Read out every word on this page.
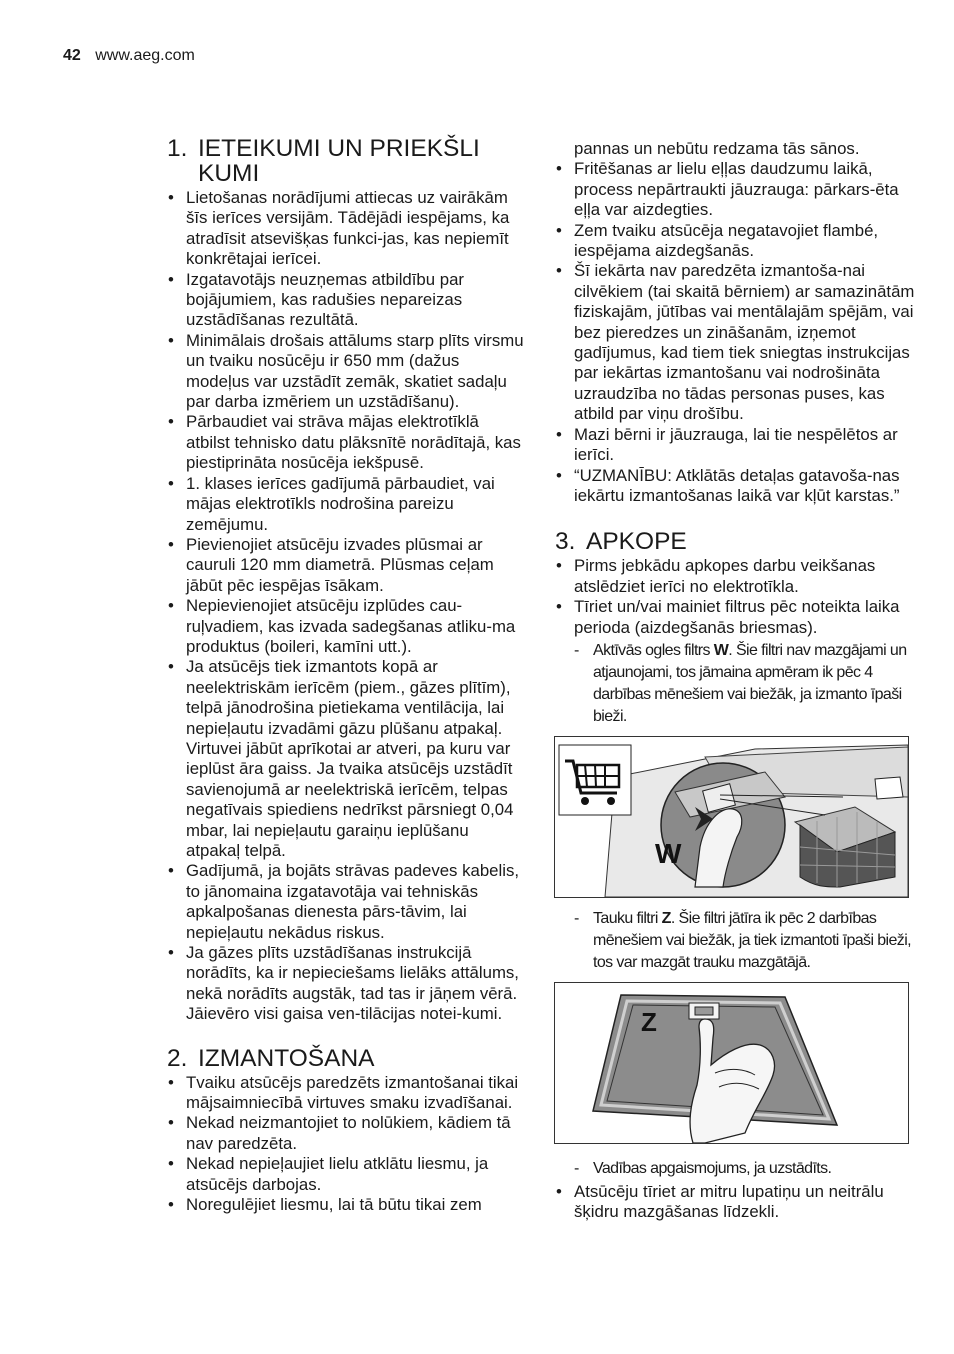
42 www.aeg.com
1. IETEIKUMI UN PRIEKŠLI KUMI
• Lietošanas norādījumi attiecas uz vairākām šīs ierīces versijām. Tādējādi iespējams, ka atradīsit atsevišķas funkci-jas, kas nepiemīt konkrētajai ierīcei.
• Izgatavotājs neuzņemas atbildību par bojājumiem, kas radušies nepareizas uzstādīšanas rezultātā.
• Minimālais drošais attālums starp plīts virsmu un tvaiku nosūcēju ir 650 mm (dažus modeļus var uzstādīt zemāk, skatiet sadaļu par darba izmēriem un uzstādīšanu).
• Pārbaudiet vai strāva mājas elektrotīklā atbilst tehnisko datu plāksnītē norādītajā, kas piestiprināta nosūcēja iekšpusē.
• 1. klases ierīces gadījumā pārbaudiet, vai mājas elektrotīkls nodrošina pareizu zemējumu.
• Pievienojiet atsūcēju izvades plūsmai ar cauruli 120 mm diametrā. Plūsmas ceļam jābūt pēc iespējas īsākam.
• Nepievienojiet atsūcēju izplūdes cau-ruļvadiem, kas izvada sadegšanas atliku-ma produktus (boileri, kamīni utt.).
• Ja atsūcējs tiek izmantots kopā ar neelektriskām ierīcēm (piem., gāzes plītīm), telpā jānodrošina pietiekama ventilācija, lai nepieļautu izvadāmi gāzu plūšanu atpakaļ. Virtuvei jābūt aprīkotai ar atveri, pa kuru var ieplūst āra gaiss. Ja tvaika atsūcējs uzstādīt savienojumā ar neelektriskā ierīcēm, telpas negatīvais spiediens nedrīkst pārsniegt 0,04 mbar, lai nepieļautu garaiņu ieplūšanu atpakaļ telpā.
• Gadījumā, ja bojāts strāvas padeves kabelis, to jānomaina izgatavotāja vai tehniskās apkalpošanas dienesta pārs-tāvim, lai nepieļautu nekādus riskus.
• Ja gāzes plīts uzstādīšanas instrukcijā norādīts, ka ir nepieciešams lielāks attālums, nekā norādīts augstāk, tad tas ir jāņem vērā. Jāievēro visi gaisa ven-tilācijas notei-kumi.
2. IZMANTOŠANA
• Tvaiku atsūcējs paredzēts izmantošanai tikai mājsaimniecībā virtuves smaku izvadīšanai.
• Nekad neizmantojiet to nolūkiem, kādiem tā nav paredzēta.
• Nekad nepieļaujiet lielu atklātu liesmu, ja atsūcējs darbojas.
• Noregulējiet liesmu, lai tā būtu tikai zem
pannas un nebūtu redzama tās sānos.
• Fritēšanas ar lielu eļļas daudzumu laikā, process nepārtraukti jāuzrauga: pārkars-ēta eļļa var aizdegties.
• Zem tvaiku atsūcēja negatavojiet flambé, iespējama aizdegšanās.
• Šī iekārta nav paredzēta izmantoša-nai cilvēkiem (tai skaitā bērniem) ar samazinātām fiziskajām, jūtības vai mentālajām spējām, vai bez pieredzes un zināšanām, izņemot gadījumus, kad tiem tiek sniegtas instrukcijas par iekārtas izmantošanu vai nodrošināta uzraudzība no tādas personas puses, kas atbild par viņu drošību.
• Mazi bērni ir jāuzrauga, lai tie nespēlētos ar ierīci.
• “UZMANĪBU: Atklātās detaļas gatavoša-nas iekārtu izmantošanas laikā var kļūt karstas.”
3. APKOPE
• Pirms jebkādu apkopes darbu veikšanas atslēdziet ierīci no elektrotīkla.
• Tīriet un/vai mainiet filtrus pēc noteikta laika perioda (aizdegšanās briesmas).
- Aktīvās ogles filtrs W. Šie filtri nav mazgājami un atjaunojami, tos jāmaina apmēram ik pēc 4 darbības mēnešiem vai biežāk, ja izmanto īpaši bieži.
W
- Tauku filtri Z. Šie filtri jātīra ik pēc 2 darbības mēnešiem vai biežāk, ja tiek izmantoti īpaši bieži, tos var mazgāt trauku mazgātājā.
Z
- Vadības apgaismojums, ja uzstādīts.
• Atsūcēju tīriet ar mitru lupatiņu un neitrālu šķidru mazgāšanas līdzekli.
